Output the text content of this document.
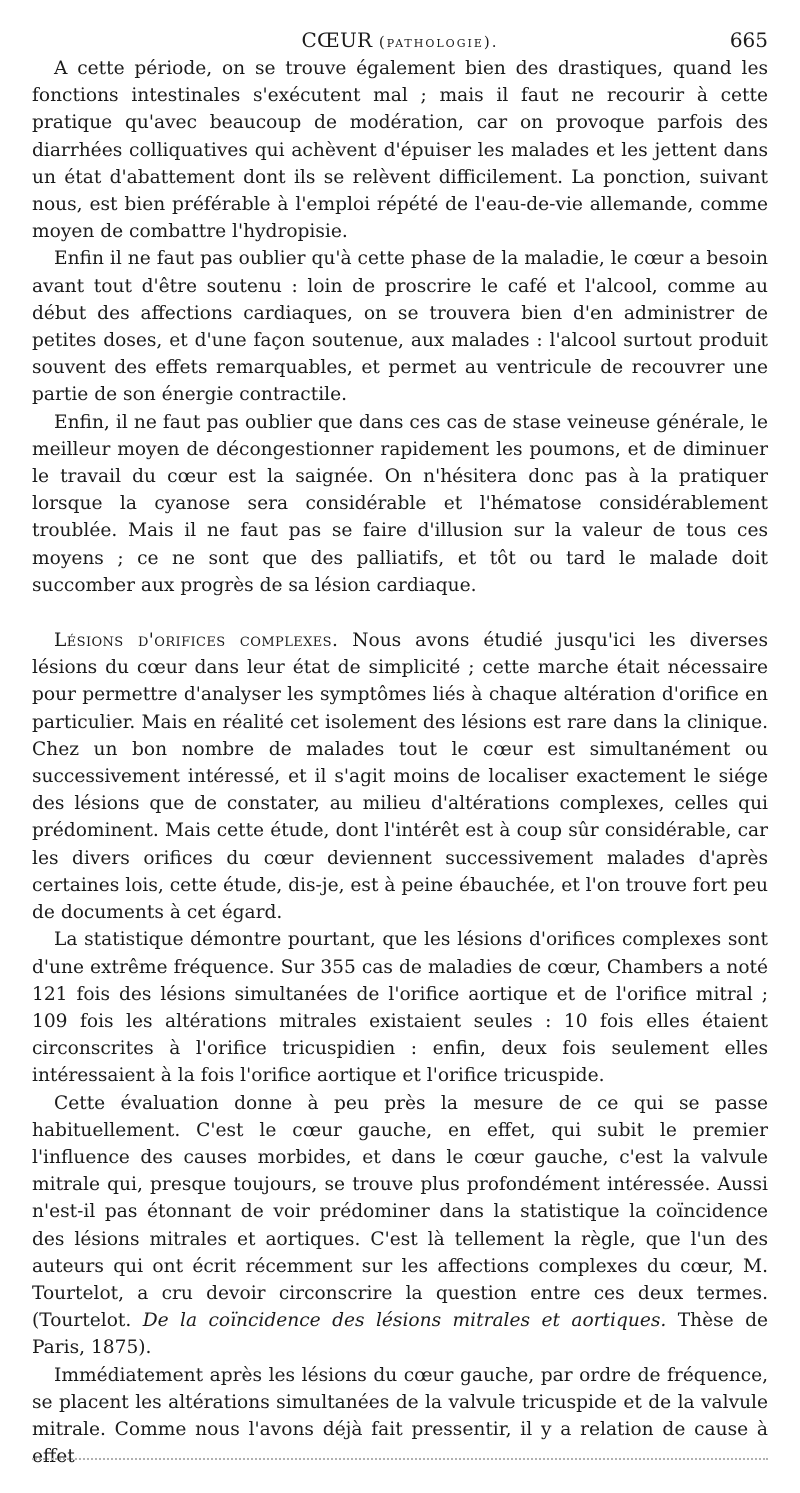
CŒUR (pathologie).	665

A cette période, on se trouve également bien des drastiques, quand les fonctions intestinales s'exécutent mal ; mais il faut ne recourir à cette pratique qu'avec beaucoup de modération, car on provoque parfois des diarrhées colliquatives qui achèvent d'épuiser les malades et les jettent dans un état d'abattement dont ils se relèvent difficilement. La ponction, suivant nous, est bien préférable à l'emploi répété de l'eau-de-vie allemande, comme moyen de combattre l'hydropisie.

Enfin il ne faut pas oublier qu'à cette phase de la maladie, le cœur a besoin avant tout d'être soutenu : loin de proscrire le café et l'alcool, comme au début des affections cardiaques, on se trouvera bien d'en administrer de petites doses, et d'une façon soutenue, aux malades : l'alcool surtout produit souvent des effets remarquables, et permet au ventricule de recouvrer une partie de son énergie contractile.

Enfin, il ne faut pas oublier que dans ces cas de stase veineuse générale, le meilleur moyen de décongestionner rapidement les poumons, et de diminuer le travail du cœur est la saignée. On n'hésitera donc pas à la pratiquer lorsque la cyanose sera considérable et l'hématose considérablement troublée. Mais il ne faut pas se faire d'illusion sur la valeur de tous ces moyens ; ce ne sont que des palliatifs, et tôt ou tard le malade doit succomber aux progrès de sa lésion cardiaque.

Lésions d'orifices complexes. Nous avons étudié jusqu'ici les diverses lésions du cœur dans leur état de simplicité ; cette marche était nécessaire pour permettre d'analyser les symptômes liés à chaque altération d'orifice en particulier. Mais en réalité cet isolement des lésions est rare dans la clinique. Chez un bon nombre de malades tout le cœur est simultanément ou successivement intéressé, et il s'agit moins de localiser exactement le siége des lésions que de constater, au milieu d'altérations complexes, celles qui prédominent. Mais cette étude, dont l'intérêt est à coup sûr considérable, car les divers orifices du cœur deviennent successivement malades d'après certaines lois, cette étude, dis-je, est à peine ébauchée, et l'on trouve fort peu de documents à cet égard.

La statistique démontre pourtant, que les lésions d'orifices complexes sont d'une extrême fréquence. Sur 355 cas de maladies de cœur, Chambers a noté 121 fois des lésions simultanées de l'orifice aortique et de l'orifice mitral ; 109 fois les altérations mitrales existaient seules : 10 fois elles étaient circonscrites à l'orifice tricuspidien : enfin, deux fois seulement elles intéressaient à la fois l'orifice aortique et l'orifice tricuspide.

Cette évaluation donne à peu près la mesure de ce qui se passe habituellement. C'est le cœur gauche, en effet, qui subit le premier l'influence des causes morbides, et dans le cœur gauche, c'est la valvule mitrale qui, presque toujours, se trouve plus profondément intéressée. Aussi n'est-il pas étonnant de voir prédominer dans la statistique la coïncidence des lésions mitrales et aortiques. C'est là tellement la règle, que l'un des auteurs qui ont écrit récemment sur les affections complexes du cœur, M. Tourtelot, a cru devoir circonscrire la question entre ces deux termes. (Tourtelot. De la coïncidence des lésions mitrales et aortiques. Thèse de Paris, 1875).

Immédiatement après les lésions du cœur gauche, par ordre de fréquence, se placent les altérations simultanées de la valvule tricuspide et de la valvule mitrale. Comme nous l'avons déjà fait pressentir, il y a relation de cause à effet
